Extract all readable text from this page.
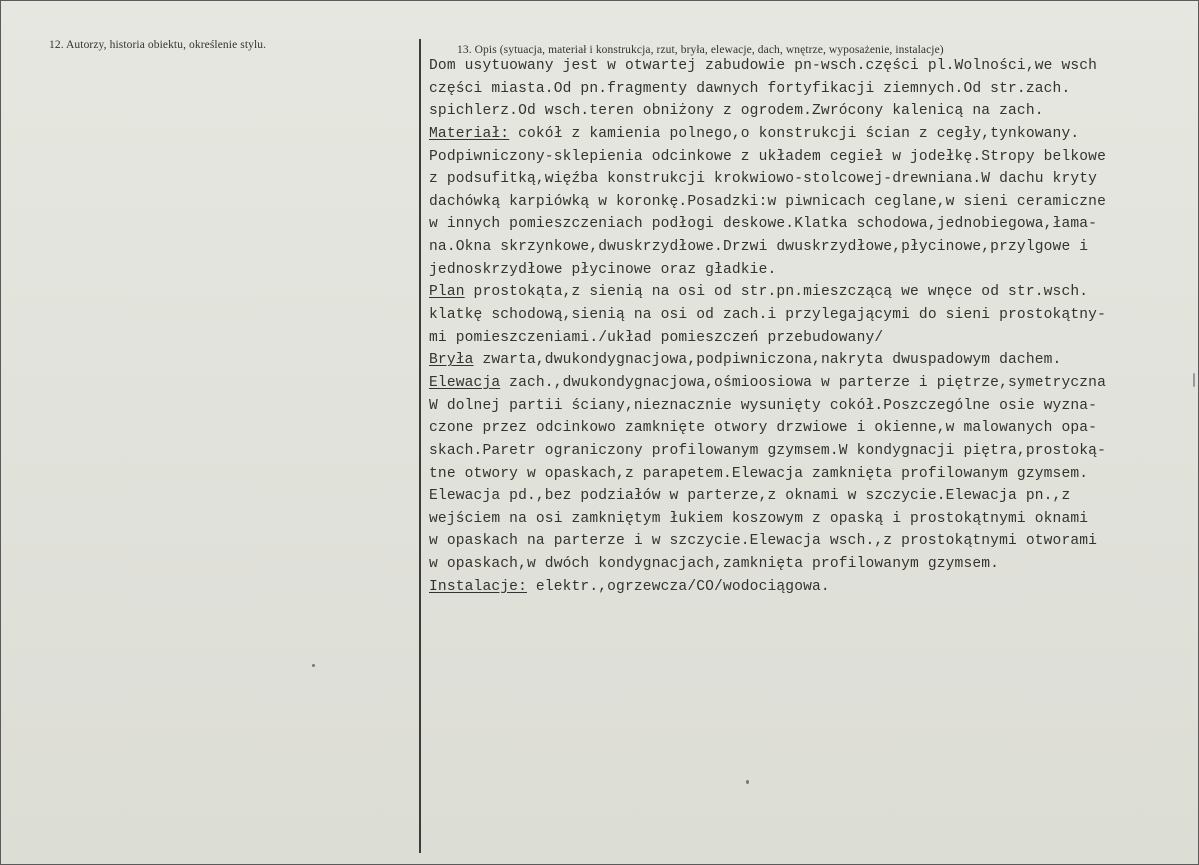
12. Autorzy, historia obiektu, określenie stylu.	13. Opis (sytuacja, materiał i konstrukcja, rzut, bryła, elewacje, dach, wnętrze, wyposażenie, instalacje)
Dom usytuowany jest w otwartej zabudowie pn-wsch.części pl.Wolności,we wsch
części miasta.Od pn.fragmenty dawnych fortyfikacji ziemnych.Od str.zach.
spichlerz.Od wsch.teren obniżony z ogrodem.Zwrócony kalenicą na zach.
Materiał: cokół z kamienia polnego,o konstrukcji ścian z cegły,tynkowany.
Podpiwniczony-sklepienia odcinkowe z układem cegieł w jodełkę.Stropy belkowe
z podsufitką,więźba konstrukcji krokwiowo-stolcowej-drewniana.W dachu kryty
dachówką karpiówką w koronkę.Posadzki:w piwnicach ceglane,w sieni ceramiczne
w innych pomieszczeniach podłogi deskowe.Klatka schodowa,jednobiegowa,łama-
na.Okna skrzynkowe,dwuskrzydłowe.Drzwi dwuskrzydłowe,płycinowe,przylgowe i
jednoskrzydłowe płycinowe oraz gładkie.
Plan prostokąta,z sienią na osi od str.pn.mieszczącą we wnęce od str.wsch.
klatkę schodową,sienią na osi od zach.i przylegającymi do sieni prostokątny-
mi pomieszczeniami./układ pomieszczeń przebudowany/
Bryła zwarta,dwukondygnacjowa,podpiwniczona,nakryta dwuspadowym dachem.
Elewacja zach.,dwukondygnacjowa,ośmioosiowa w parterze i piętrze,symetryczna
W dolnej partii ściany,nieznacznie wysunięty cokół.Poszczególne osie wyzna-
czone przez odcinkowo zamknięte otwory drzwiowe i okienne,w malowanych opa-
skach.Paretr ograniczony profilowanym gzymsem.W kondygnacji piętra,prostoką-
tne otwory w opaskach,z parapetem.Elewacja zamknięta profilowanym gzymsem.
Elewacja pd.,bez podziałów w parterze,z oknami w szczycie.Elewacja pn.,z
wejściem na osi zamkniętym łukiem koszowym z opaską i prostokątnymi oknami
w opaskach na parterze i w szczycie.Elewacja wsch.,z prostokątnymi otworami
w opaskach,w dwóch kondygnacjach,zamknięta profilowanym gzymsem.
Instalacje: elektr.,ogrzewcza/CO/wodociągowa.
